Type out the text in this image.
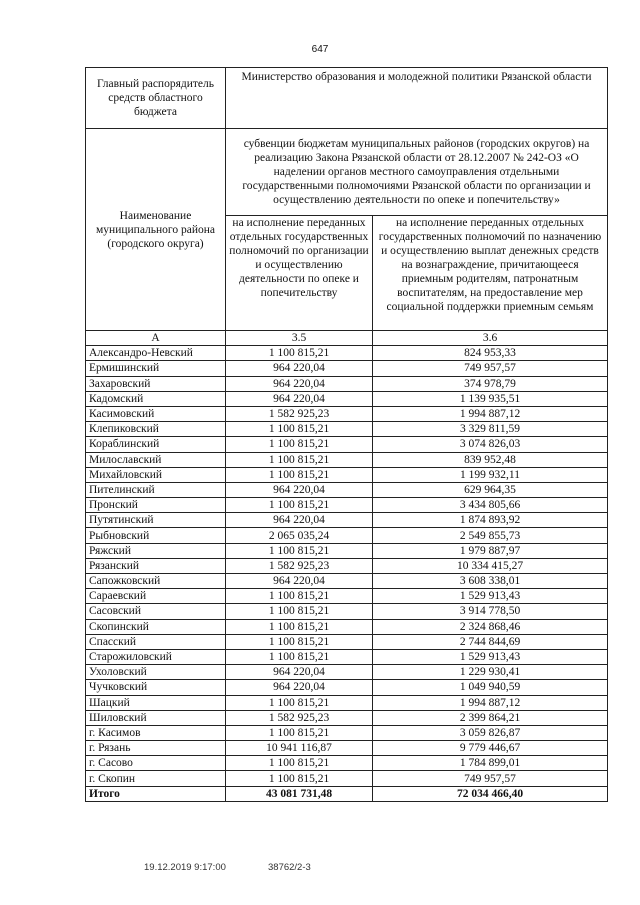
647
Главный распорядитель средств областного бюджета	Министерство образования и молодежной политики Рязанской области	
Наименование муниципального района (городского округа)	субвенции бюджетам муниципальных районов (городских округов) на реализацию Закона Рязанской области от 28.12.2007 № 242-ОЗ «О наделении органов местного самоуправления отдельными государственными полномочиями Рязанской области по организации и осуществлению деятельности по опеке и попечительству»	
	на исполнение переданных отдельных государственных полномочий по организации и осуществлению деятельности по опеке и попечительству	на исполнение переданных отдельных государственных полномочий по назначению и осуществлению выплат денежных средств на вознаграждение, причитающееся приемным родителям, патронатным воспитателям, на предоставление мер социальной поддержки приемным семьям
А	3.5	3.6
Александро-Невский	1 100 815,21	824 953,33
Ермишинский	964 220,04	749 957,57
Захаровский	964 220,04	374 978,79
Кадомский	964 220,04	1 139 935,51
Касимовский	1 582 925,23	1 994 887,12
Клепиковский	1 100 815,21	3 329 811,59
Кораблинский	1 100 815,21	3 074 826,03
Милославский	1 100 815,21	839 952,48
Михайловский	1 100 815,21	1 199 932,11
Пителинский	964 220,04	629 964,35
Пронский	1 100 815,21	3 434 805,66
Путятинский	964 220,04	1 874 893,92
Рыбновский	2 065 035,24	2 549 855,73
Ряжский	1 100 815,21	1 979 887,97
Рязанский	1 582 925,23	10 334 415,27
Сапожковский	964 220,04	3 608 338,01
Сараевский	1 100 815,21	1 529 913,43
Сасовский	1 100 815,21	3 914 778,50
Скопинский	1 100 815,21	2 324 868,46
Спасский	1 100 815,21	2 744 844,69
Старожиловский	1 100 815,21	1 529 913,43
Ухоловский	964 220,04	1 229 930,41
Чучковский	964 220,04	1 049 940,59
Шацкий	1 100 815,21	1 994 887,12
Шиловский	1 582 925,23	2 399 864,21
г. Касимов	1 100 815,21	3 059 826,87
г. Рязань	10 941 116,87	9 779 446,67
г. Сасово	1 100 815,21	1 784 899,01
г. Скопин	1 100 815,21	749 957,57
Итого	43 081 731,48	72 034 466,40
19.12.2019 9:17:00	38762/2-3
